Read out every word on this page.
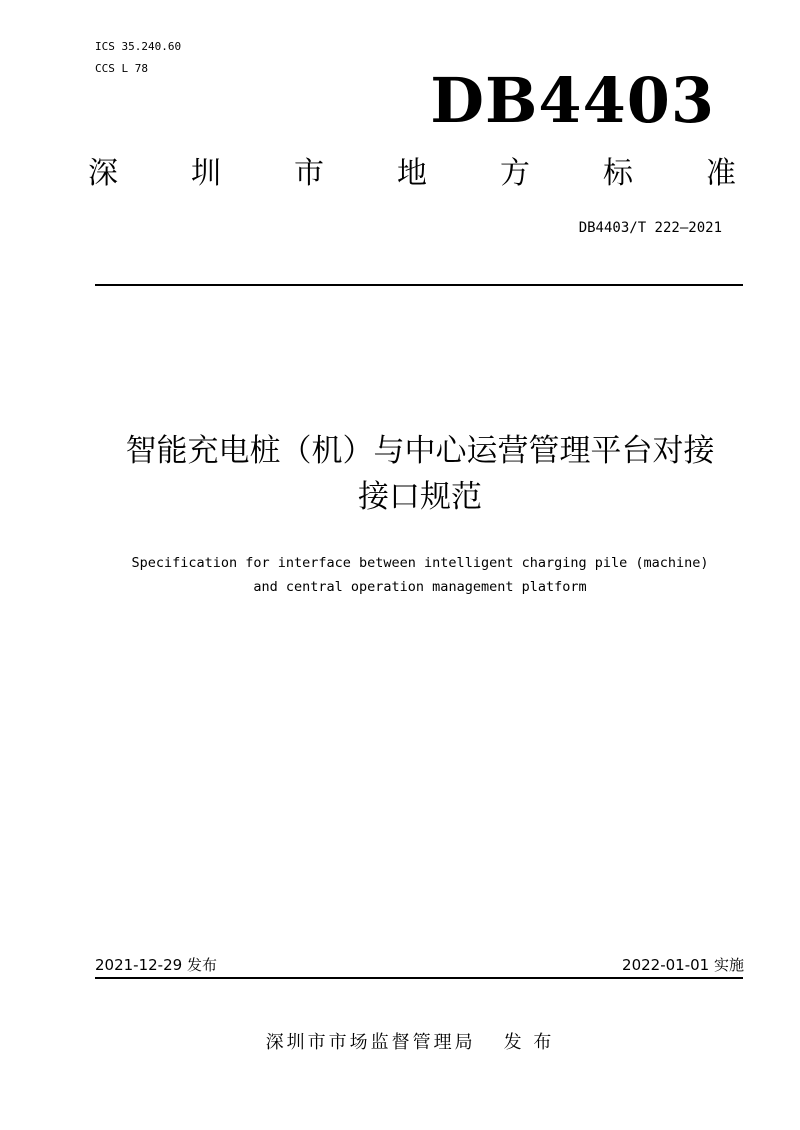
ICS 35.240.60
CCS L 78	DB4403
深 圳 市 地 方 标 准
DB4403/T 222—2021
智能充电桩（机）与中心运营管理平台对接
接口规范
Specification for interface between intelligent charging pile (machine)
and central operation management platform
2021-12-29 发布	2022-01-01 实施
深圳市市场监督管理局 发 布
